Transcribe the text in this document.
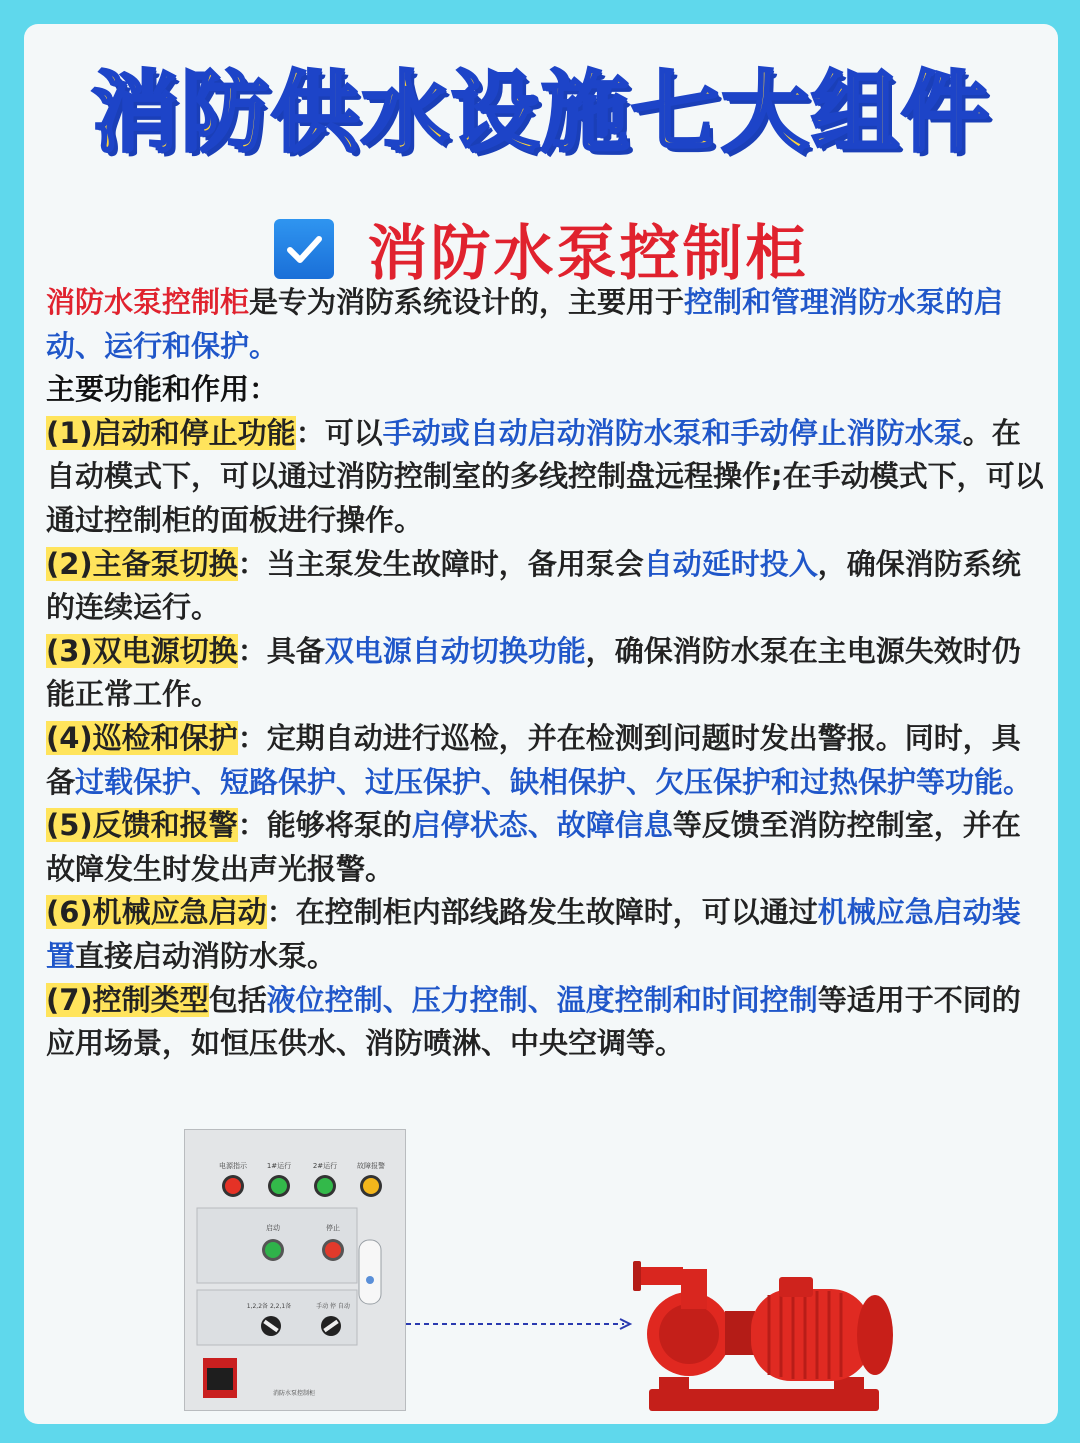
消防供水设施七大组件
消防水泵控制柜

消防水泵控制柜是专为消防系统设计的，主要用于控制和管理消防水泵的启动、运行和保护。

主要功能和作用：

(1)启动和停止功能：可以手动或自动启动消防水泵和手动停止消防水泵。在自动模式下，可以通过消防控制室的多线控制盘远程操作;在手动模式下，可以通过控制柜的面板进行操作。

(2)主备泵切换：当主泵发生故障时，备用泵会自动延时投入，确保消防系统的连续运行。

(3)双电源切换：具备双电源自动切换功能，确保消防水泵在主电源失效时仍能正常工作。

(4)巡检和保护：定期自动进行巡检，并在检测到问题时发出警报。同时，具备过载保护、短路保护、过压保护、缺相保护、欠压保护和过热保护等功能。

(5)反馈和报警：能够将泵的启停状态、故障信息等反馈至消防控制室，并在故障发生时发出声光报警。

(6)机械应急启动：在控制柜内部线路发生故障时，可以通过机械应急启动装置直接启动消防水泵。

(7)控制类型包括液位控制、压力控制、温度控制和时间控制等适用于不同的应用场景，如恒压供水、消防喷淋、中央空调等。

电源指示	1#运行	2#运行	故障报警
启动	停止
1,2,2备 2,2,1备	手动 停 自动
消防水泵控制柜
